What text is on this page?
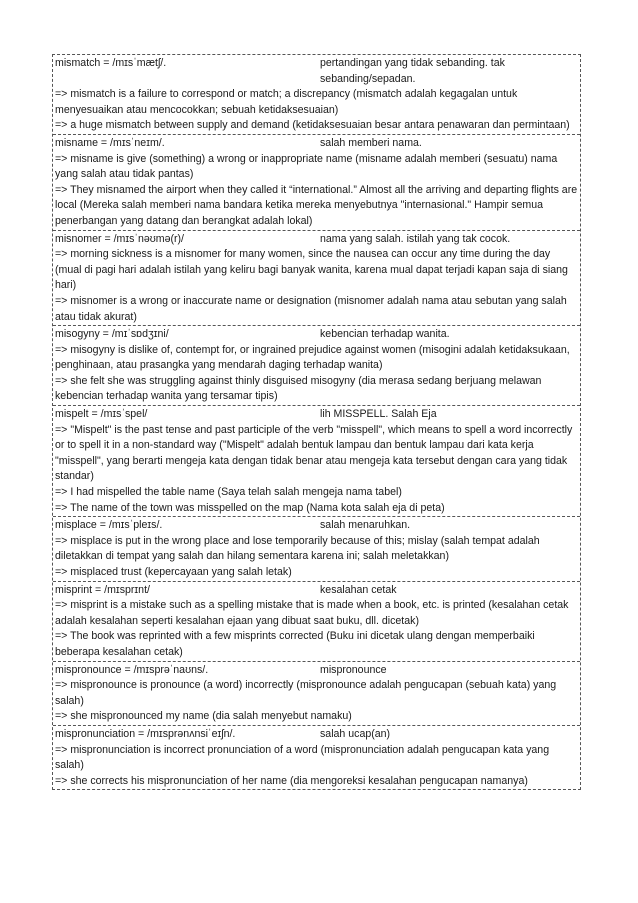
mismatch = /mɪsˈmætʃ/.	pertandingan yang tidak sebanding. tak sebanding/sepadan.
=> mismatch is a failure to correspond or match; a discrepancy (mismatch adalah kegagalan untuk menyesuaikan atau mencocokkan; sebuah ketidaksesuaian)
=> a huge mismatch between supply and demand (ketidaksesuaian besar antara penawaran dan permintaan)
misname = /mɪsˈneɪm/.	salah memberi nama.
=> misname is give (something) a wrong or inappropriate name (misname adalah memberi (sesuatu) nama yang salah atau tidak pantas)
=> They misnamed the airport when they called it “international.” Almost all the arriving and departing flights are local (Mereka salah memberi nama bandara ketika mereka menyebutnya "internasional." Hampir semua penerbangan yang datang dan berangkat adalah lokal)
misnomer = /mɪsˈnəʊmə(r)/	nama yang salah. istilah yang tak cocok.
=> morning sickness is a misnomer for many women, since the nausea can occur any time during the day (mual di pagi hari adalah istilah yang keliru bagi banyak wanita, karena mual dapat terjadi kapan saja di siang hari)
=> misnomer is a wrong or inaccurate name or designation (misnomer adalah nama atau sebutan yang salah atau tidak akurat)
misogyny = /mɪˈsɒdʒɪni/	kebencian terhadap wanita.
=> misogyny is dislike of, contempt for, or ingrained prejudice against women (misogini adalah ketidaksukaan, penghinaan, atau prasangka yang mendarah daging terhadap wanita)
=> she felt she was struggling against thinly disguised misogyny (dia merasa sedang berjuang melawan kebencian terhadap wanita yang tersamar tipis)
mispelt = /mɪsˈspel/	lih MISSPELL. Salah Eja
=> "Mispelt" is the past tense and past participle of the verb "misspell", which means to spell a word incorrectly or to spell it in a non-standard way ("Mispelt" adalah bentuk lampau dan bentuk lampau dari kata kerja "misspell", yang berarti mengeja kata dengan tidak benar atau mengeja kata tersebut dengan cara yang tidak standar)
=> I had mispelled the table name (Saya telah salah mengeja nama tabel)
=> The name of the town was misspelled on the map (Nama kota salah eja di peta)
misplace = /mɪsˈpleɪs/.	salah menaruhkan.
=> misplace is put in the wrong place and lose temporarily because of this; mislay (salah tempat adalah diletakkan di tempat yang salah dan hilang sementara karena ini; salah meletakkan)
=> misplaced trust (kepercayaan yang salah letak)
misprint = /mɪsprɪnt/	kesalahan cetak
=> misprint is a mistake such as a spelling mistake that is made when a book, etc. is printed (kesalahan cetak adalah kesalahan seperti kesalahan ejaan yang dibuat saat buku, dll. dicetak)
=> The book was reprinted with a few misprints corrected (Buku ini dicetak ulang dengan memperbaiki beberapa kesalahan cetak)
mispronounce = /mɪsprəˈnaʊns/.	mispronounce
=> mispronounce is pronounce (a word) incorrectly (mispronounce adalah pengucapan (sebuah kata) yang salah)
=> she mispronounced my name (dia salah menyebut namaku)
mispronunciation = /mɪsprənʌnsiˈeɪʃn/.	salah ucap(an)
=> mispronunciation is incorrect pronunciation of a word (mispronunciation adalah pengucapan kata yang salah)
=> she corrects his mispronunciation of her name (dia mengoreksi kesalahan pengucapan namanya)
